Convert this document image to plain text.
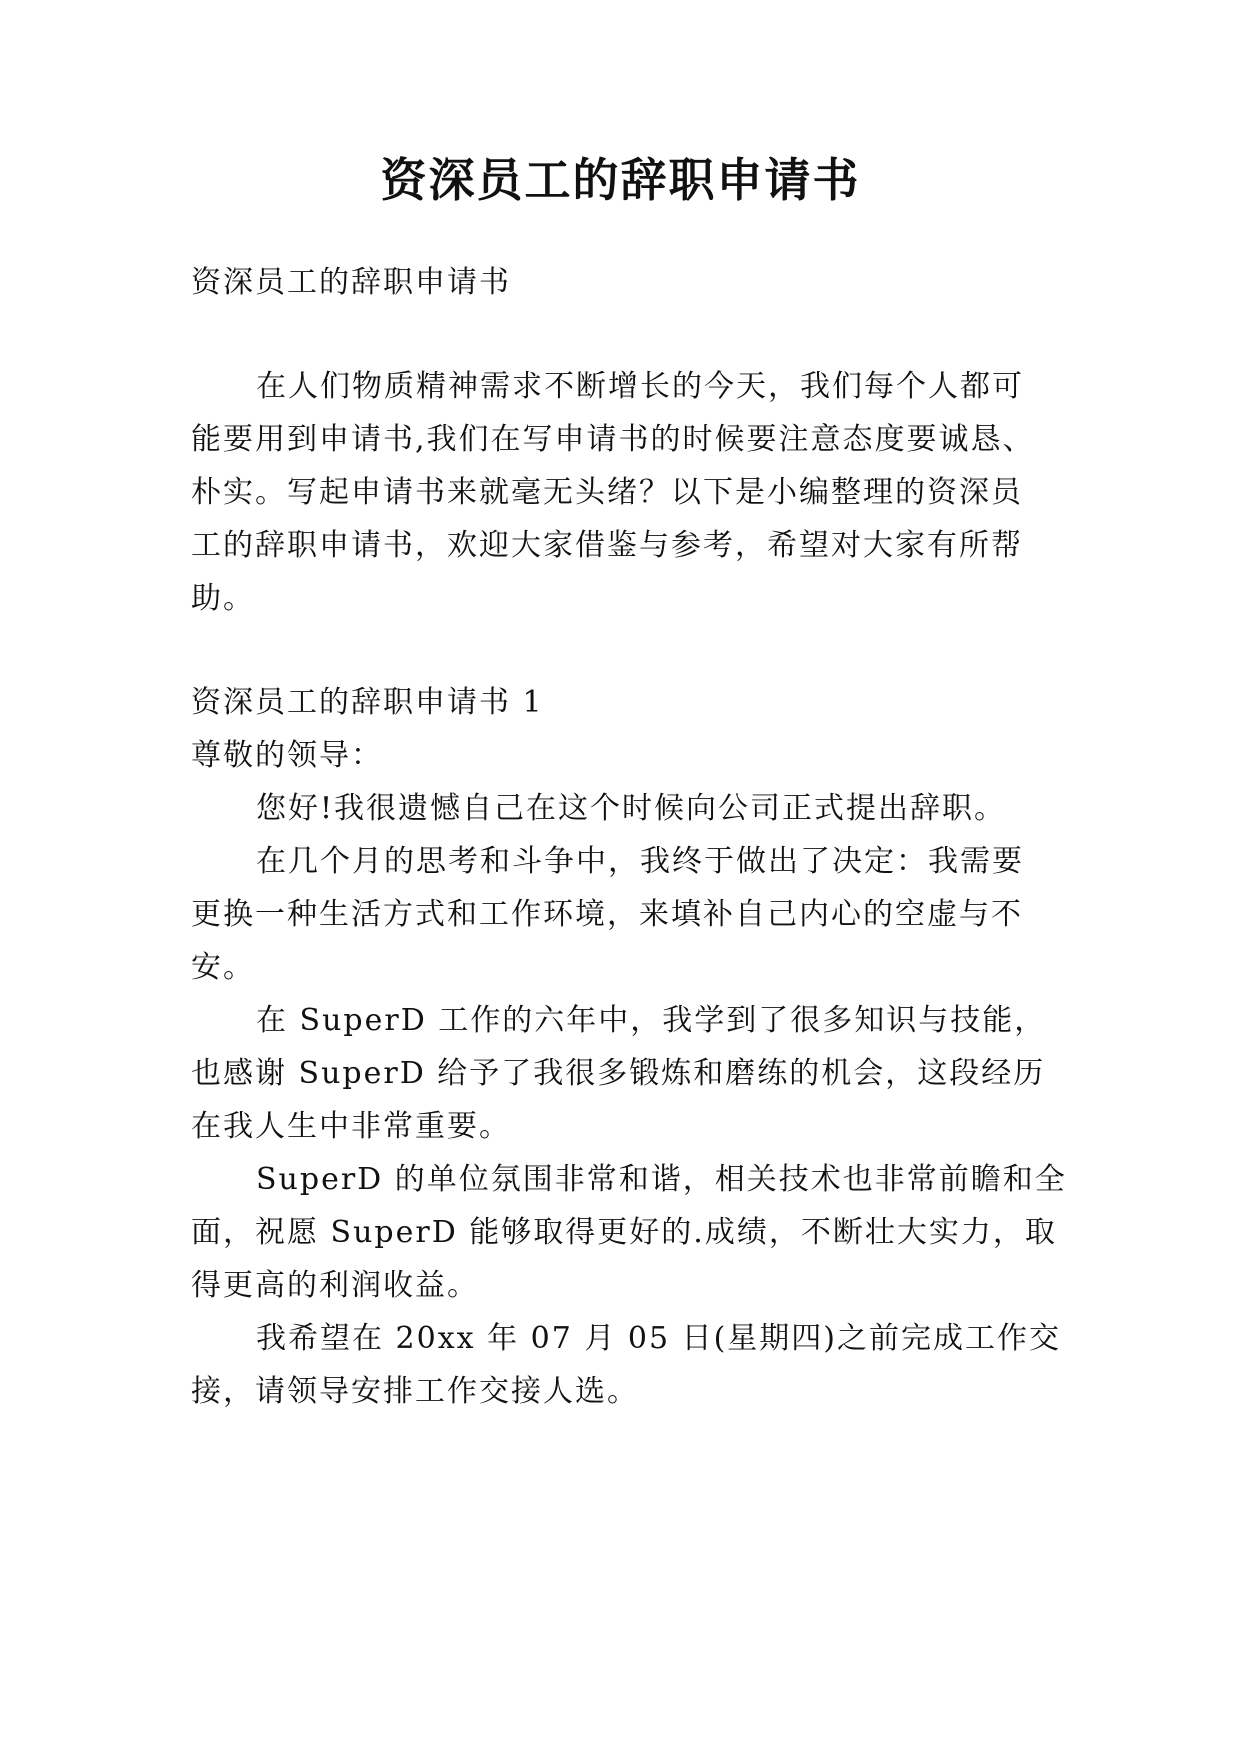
资深员工的辞职申请书
资深员工的辞职申请书
在人们物质精神需求不断增长的今天，我们每个人都可
能要用到申请书,我们在写申请书的时候要注意态度要诚恳、
朴实。写起申请书来就毫无头绪？以下是小编整理的资深员
工的辞职申请书，欢迎大家借鉴与参考，希望对大家有所帮
助。
资深员工的辞职申请书 1
尊敬的领导：
您好!我很遗憾自己在这个时候向公司正式提出辞职。
在几个月的思考和斗争中，我终于做出了决定：我需要
更换一种生活方式和工作环境，来填补自己内心的空虚与不
安。
在 SuperD 工作的六年中，我学到了很多知识与技能，
也感谢 SuperD 给予了我很多锻炼和磨练的机会，这段经历
在我人生中非常重要。
SuperD 的单位氛围非常和谐，相关技术也非常前瞻和全
面，祝愿 SuperD 能够取得更好的.成绩，不断壮大实力，取
得更高的利润收益。
我希望在 20xx 年 07 月 05 日(星期四)之前完成工作交
接，请领导安排工作交接人选。
